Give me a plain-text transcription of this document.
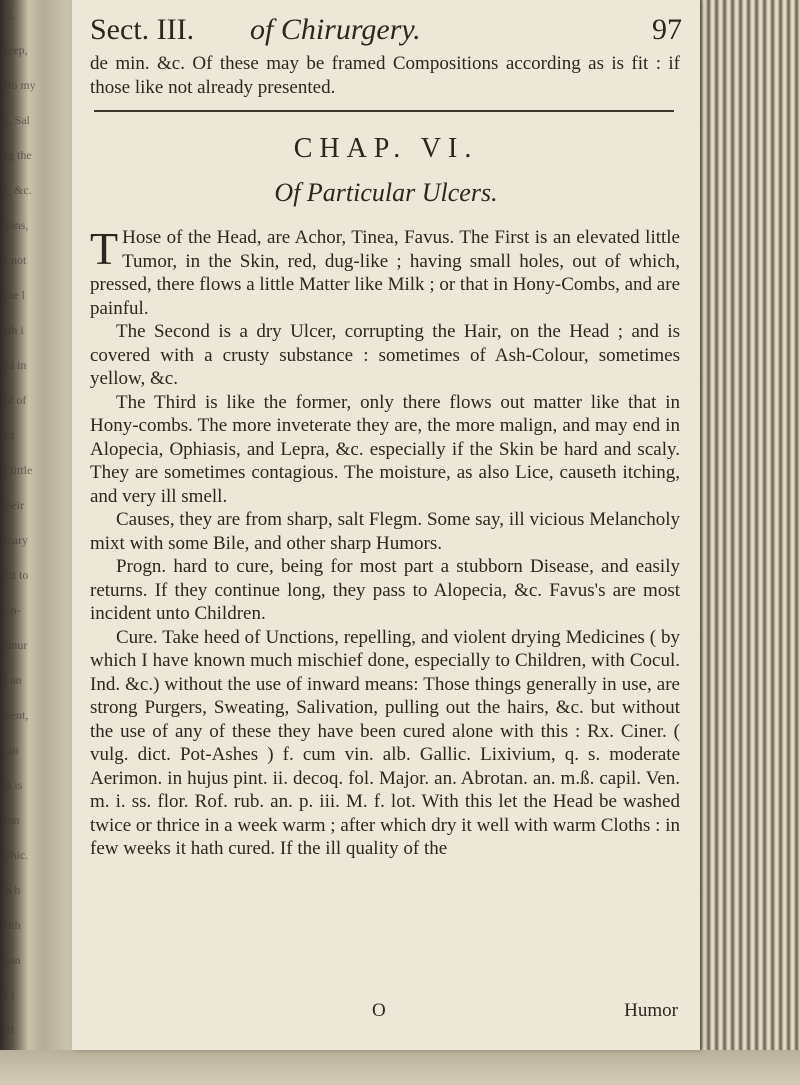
t l,
deep,
nto my
S, Sal
ng the
k, &c.
tions,
y not
vae l
nth i
od in
ad of
nd
a little
their
ccary
ritt to
Un-
omur
e an
went,
Lin
ra is
con
whic.
th h
vith
tion
d i
Hl
Sect. III. of Chirurgery.	97

de min. &c. Of these may be framed Compositions according as is fit : if those like not already presented.

CHAP. VI.
Of Particular Ulcers.

T Hose of the Head, are Achor, Tinea, Favus. The First is an elevated little Tumor, in the Skin, red, dug-like ; having small holes, out of which, pressed, there flows a little Matter like Milk ; or that in Hony-Combs, and are painful.

The Second is a dry Ulcer, corrupting the Hair, on the Head ; and is covered with a crusty substance : sometimes of Ash-Colour, sometimes yellow, &c.

The Third is like the former, only there flows out matter like that in Hony-combs. The more inveterate they are, the more malign, and may end in Alopecia, Ophiasis, and Lepra, &c. especially if the Skin be hard and scaly. They are sometimes contagious. The moisture, as also Lice, causeth itching, and very ill smell.

Causes, they are from sharp, salt Flegm. Some say, ill vicious Melancholy mixt with some Bile, and other sharp Humors.

Progn. hard to cure, being for most part a stubborn Disease, and easily returns. If they continue long, they pass to Alopecia, &c. Favus's are most incident unto Children.

Cure. Take heed of Unctions, repelling, and violent drying Medicines ( by which I have known much mischief done, especially to Children, with Cocul. Ind. &c.) without the use of inward means: Those things generally in use, are strong Purgers, Sweating, Salivation, pulling out the hairs, &c. but without the use of any of these they have been cured alone with this : Rx. Ciner. ( vulg. dict. Pot-Ashes ) f. cum vin. alb. Gallic. Lixivium, q. s. moderate Aerimon. in hujus pint. ii. decoq. fol. Major. an. Abrotan. an. m.ß. capil. Ven. m. i. ss. flor. Rof. rub. an. p. iii. M. f. lot. With this let the Head be washed twice or thrice in a week warm ; after which dry it well with warm Cloths : in few weeks it hath cured. If the ill quality of the

O	Humor
